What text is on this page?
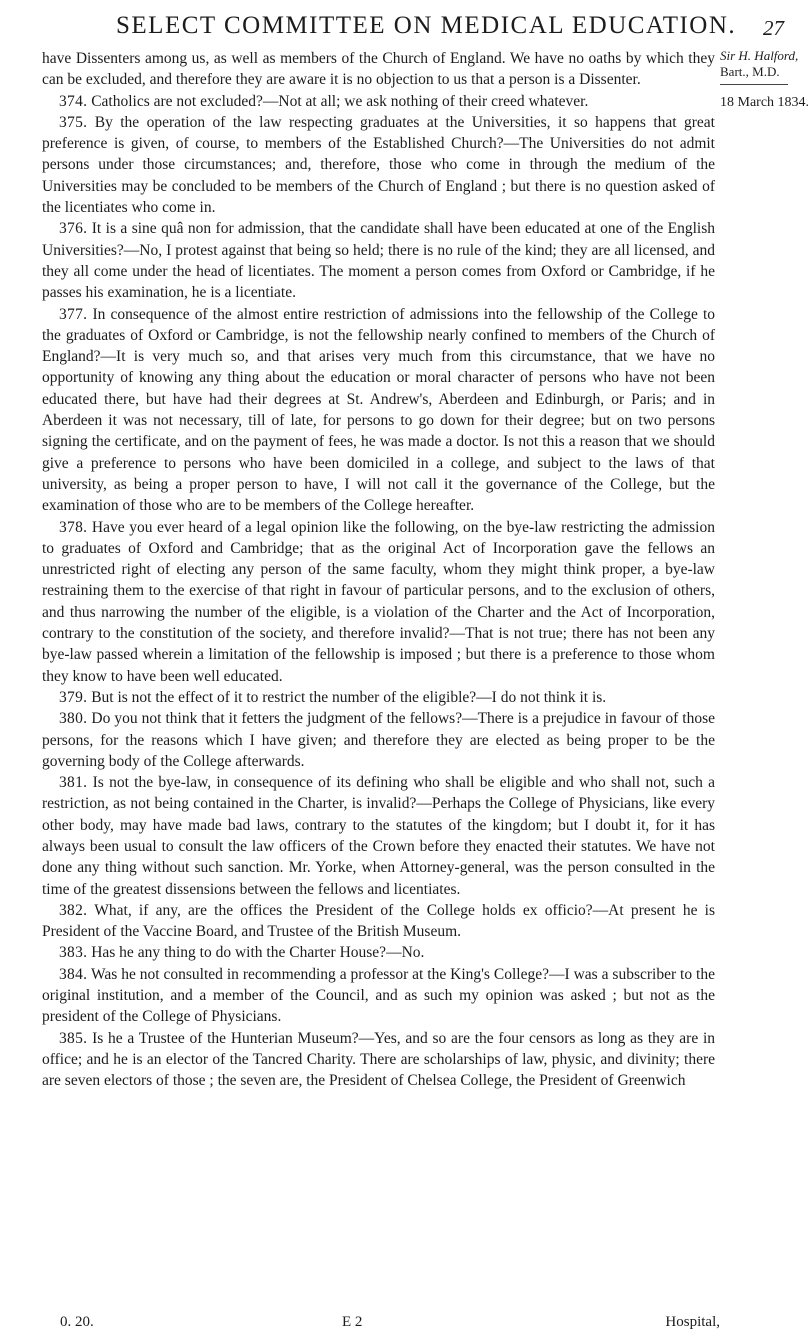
SELECT COMMITTEE ON MEDICAL EDUCATION. 27

have Dissenters among us, as well as members of the Church of England. We have no oaths by which they can be excluded, and therefore they are aware it is no objection to us that a person is a Dissenter.

374. Catholics are not excluded?—Not at all; we ask nothing of their creed whatever.

375. By the operation of the law respecting graduates at the Universities, it so happens that great preference is given, of course, to members of the Established Church?—The Universities do not admit persons under those circumstances; and, therefore, those who come in through the medium of the Universities may be concluded to be members of the Church of England ; but there is no question asked of the licentiates who come in.

376. It is a sine quâ non for admission, that the candidate shall have been educated at one of the English Universities?—No, I protest against that being so held; there is no rule of the kind; they are all licensed, and they all come under the head of licentiates. The moment a person comes from Oxford or Cambridge, if he passes his examination, he is a licentiate.

377. In consequence of the almost entire restriction of admissions into the fellowship of the College to the graduates of Oxford or Cambridge, is not the fellowship nearly confined to members of the Church of England?—It is very much so, and that arises very much from this circumstance, that we have no opportunity of knowing any thing about the education or moral character of persons who have not been educated there, but have had their degrees at St. Andrew's, Aberdeen and Edinburgh, or Paris; and in Aberdeen it was not necessary, till of late, for persons to go down for their degree; but on two persons signing the certificate, and on the payment of fees, he was made a doctor. Is not this a reason that we should give a preference to persons who have been domiciled in a college, and subject to the laws of that university, as being a proper person to have, I will not call it the governance of the College, but the examination of those who are to be members of the College hereafter.

378. Have you ever heard of a legal opinion like the following, on the bye-law restricting the admission to graduates of Oxford and Cambridge; that as the original Act of Incorporation gave the fellows an unrestricted right of electing any person of the same faculty, whom they might think proper, a bye-law restraining them to the exercise of that right in favour of particular persons, and to the exclusion of others, and thus narrowing the number of the eligible, is a violation of the Charter and the Act of Incorporation, contrary to the constitution of the society, and therefore invalid?—That is not true; there has not been any bye-law passed wherein a limitation of the fellowship is imposed ; but there is a preference to those whom they know to have been well educated.

379. But is not the effect of it to restrict the number of the eligible?—I do not think it is.

380. Do you not think that it fetters the judgment of the fellows?—There is a prejudice in favour of those persons, for the reasons which I have given; and therefore they are elected as being proper to be the governing body of the College afterwards.

381. Is not the bye-law, in consequence of its defining who shall be eligible and who shall not, such a restriction, as not being contained in the Charter, is invalid?—Perhaps the College of Physicians, like every other body, may have made bad laws, contrary to the statutes of the kingdom; but I doubt it, for it has always been usual to consult the law officers of the Crown before they enacted their statutes. We have not done any thing without such sanction. Mr. Yorke, when Attorney-general, was the person consulted in the time of the greatest dissensions between the fellows and licentiates.

382. What, if any, are the offices the President of the College holds ex officio?—At present he is President of the Vaccine Board, and Trustee of the British Museum.

383. Has he any thing to do with the Charter House?—No.

384. Was he not consulted in recommending a professor at the King's College?—I was a subscriber to the original institution, and a member of the Council, and as such my opinion was asked ; but not as the president of the College of Physicians.

385. Is he a Trustee of the Hunterian Museum?—Yes, and so are the four censors as long as they are in office; and he is an elector of the Tancred Charity. There are scholarships of law, physic, and divinity; there are seven electors of those ; the seven are, the President of Chelsea College, the President of Greenwich

Sir H. Halford,
Bart., M.D.
18 March 1834.
0. 20.	E 2	Hospital,
